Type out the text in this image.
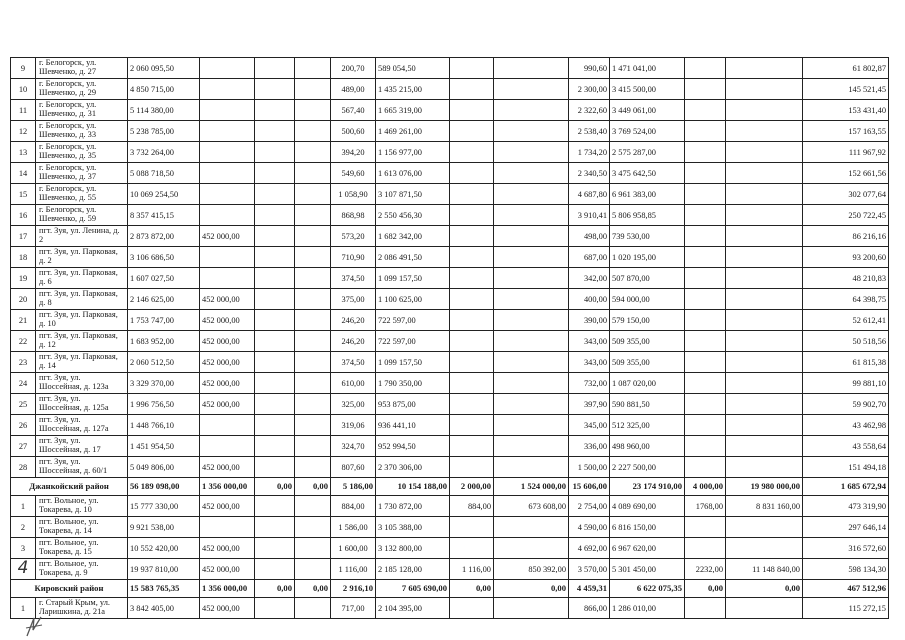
9	г. Белогорск, ул. Шевченко, д. 27	2 060 095,50				200,70	589 054,50			990,60	1 471 041,00			61 802,87
10	г. Белогорск, ул. Шевченко, д. 29	4 850 715,00				489,00	1 435 215,00			2 300,00	3 415 500,00			145 521,45
11	г. Белогорск, ул. Шевченко, д. 31	5 114 380,00				567,40	1 665 319,00			2 322,60	3 449 061,00			153 431,40
12	г. Белогорск, ул. Шевченко, д. 33	5 238 785,00				500,60	1 469 261,00			2 538,40	3 769 524,00			157 163,55
13	г. Белогорск, ул. Шевченко, д. 35	3 732 264,00				394,20	1 156 977,00			1 734,20	2 575 287,00			111 967,92
14	г. Белогорск, ул. Шевченко, д. 37	5 088 718,50				549,60	1 613 076,00			2 340,50	3 475 642,50			152 661,56
15	г. Белогорск, ул. Шевченко, д. 55	10 069 254,50				1 058,90	3 107 871,50			4 687,80	6 961 383,00			302 077,64
16	г. Белогорск, ул. Шевченко, д. 59	8 357 415,15				868,98	2 550 456,30			3 910,41	5 806 958,85			250 722,45
17	пгт. Зуя, ул. Ленина, д. 2	2 873 872,00	452 000,00			573,20	1 682 342,00			498,00	739 530,00			86 216,16
18	пгт. Зуя, ул. Парковая, д. 2	3 106 686,50				710,90	2 086 491,50			687,00	1 020 195,00			93 200,60
19	пгт. Зуя, ул. Парковая, д. 6	1 607 027,50				374,50	1 099 157,50			342,00	507 870,00			48 210,83
20	пгт. Зуя, ул. Парковая, д. 8	2 146 625,00	452 000,00			375,00	1 100 625,00			400,00	594 000,00			64 398,75
21	пгт. Зуя, ул. Парковая, д. 10	1 753 747,00	452 000,00			246,20	722 597,00			390,00	579 150,00			52 612,41
22	пгт. Зуя, ул. Парковая, д. 12	1 683 952,00	452 000,00			246,20	722 597,00			343,00	509 355,00			50 518,56
23	пгт. Зуя, ул. Парковая, д. 14	2 060 512,50	452 000,00			374,50	1 099 157,50			343,00	509 355,00			61 815,38
24	пгт. Зуя, ул. Шоссейная, д. 123а	3 329 370,00	452 000,00			610,00	1 790 350,00			732,00	1 087 020,00			99 881,10
25	пгт. Зуя, ул. Шоссейная, д. 125а	1 996 756,50	452 000,00			325,00	953 875,00			397,90	590 881,50			59 902,70
26	пгт. Зуя, ул. Шоссейная, д. 127а	1 448 766,10				319,06	936 441,10			345,00	512 325,00			43 462,98
27	пгт. Зуя, ул. Шоссейная, д. 17	1 451 954,50				324,70	952 994,50			336,00	498 960,00			43 558,64
28	пгт. Зуя, ул. Шоссейная, д. 60/1	5 049 806,00	452 000,00			807,60	2 370 306,00			1 500,00	2 227 500,00			151 494,18
Джанкойский район		56 189 098,00	1 356 000,00	0,00	0,00	5 186,00	10 154 188,00	2 000,00	1 524 000,00	15 606,00	23 174 910,00	4 000,00	19 980 000,00	1 685 672,94
1	пгт. Вольное, ул. Токарева, д. 10	15 777 330,00	452 000,00			884,00	1 730 872,00	884,00	673 608,00	2 754,00	4 089 690,00	1768,00	8 831 160,00	473 319,90
2	пгт. Вольное, ул. Токарева, д. 14	9 921 538,00				1 586,00	3 105 388,00			4 590,00	6 816 150,00			297 646,14
3	пгт. Вольное, ул. Токарева, д. 15	10 552 420,00	452 000,00			1 600,00	3 132 800,00			4 692,00	6 967 620,00			316 572,60
4	пгт. Вольное, ул. Токарева, д. 9	19 937 810,00	452 000,00			1 116,00	2 185 128,00	1 116,00	850 392,00	3 570,00	5 301 450,00	2232,00	11 148 840,00	598 134,30
Кировский район		15 583 765,35	1 356 000,00	0,00	0,00	2 916,10	7 605 690,00	0,00	0,00	4 459,31	6 622 075,35	0,00	0,00	467 512,96
1	г. Старый Крым, ул. Ларишкина, д. 21а	3 842 405,00	452 000,00			717,00	2 104 395,00			866,00	1 286 010,00			115 272,15
